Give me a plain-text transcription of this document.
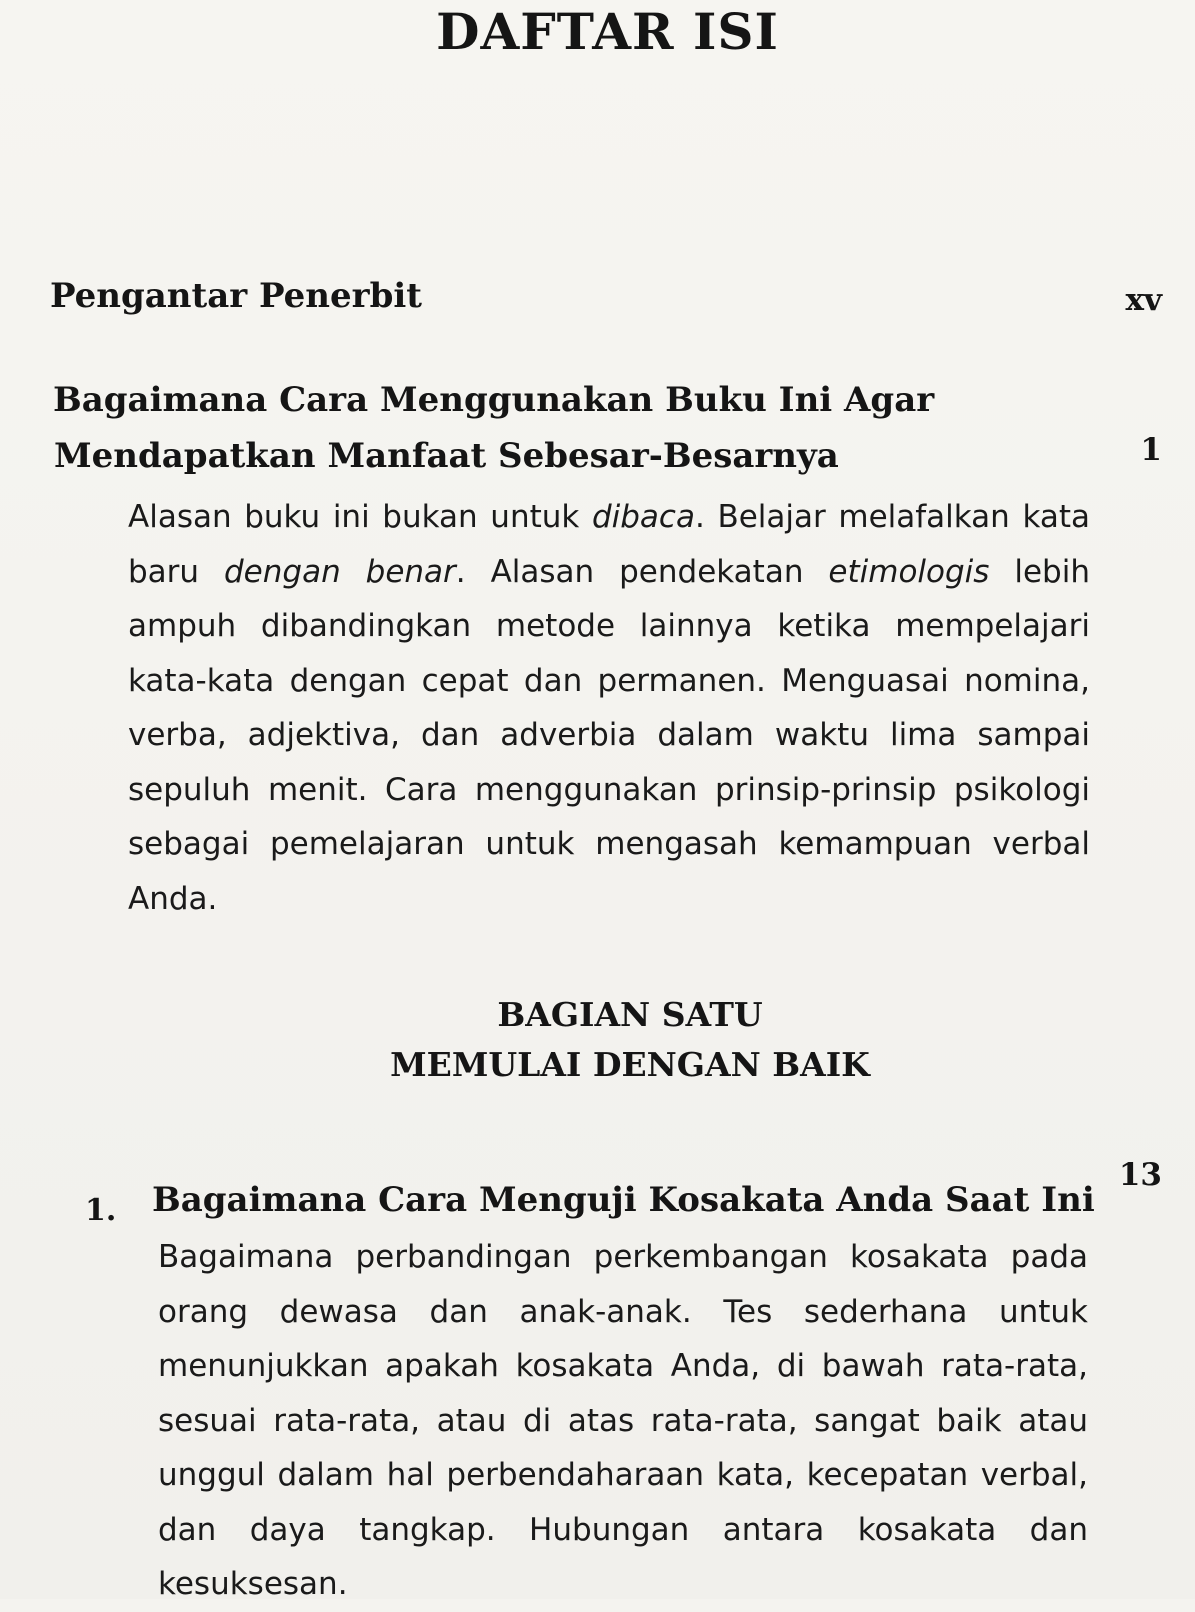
DAFTAR ISI
Pengantar Penerbit	xv
Bagaimana Cara Menggunakan Buku Ini Agar
Mendapatkan Manfaat Sebesar-Besarnya	1
Alasan buku ini bukan untuk dibaca. Belajar melafalkan kata baru dengan benar. Alasan pendekatan etimologis lebih ampuh dibandingkan metode lainnya ketika mempelajari kata-kata dengan cepat dan permanen. Menguasai nomina, verba, adjektiva, dan adverbia dalam waktu lima sampai sepuluh menit. Cara menggunakan prinsip-prinsip psikologi sebagai pemelajaran untuk mengasah kemampuan verbal Anda.
BAGIAN SATU
MEMULAI DENGAN BAIK
1. Bagaimana Cara Menguji Kosakata Anda Saat Ini
13
Bagaimana perbandingan perkembangan kosakata pada orang dewasa dan anak-anak. Tes sederhana untuk menunjukkan apakah kosakata Anda, di bawah rata-rata, sesuai rata-rata, atau di atas rata-rata, sangat baik atau unggul dalam hal perbendaharaan kata, kecepatan verbal, dan daya tangkap. Hubungan antara kosakata dan kesuksesan.
